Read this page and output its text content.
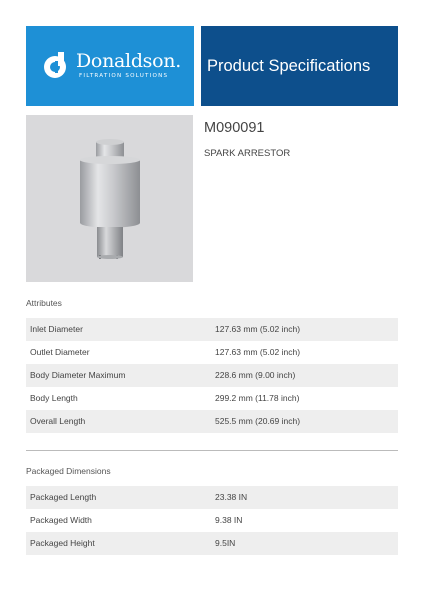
Donaldson.
FILTRATION SOLUTIONS
Product Specifications
M090091
SPARK ARRESTOR
Attributes
Inlet Diameter	127.63 mm (5.02 inch)
Outlet Diameter	127.63 mm (5.02 inch)
Body Diameter Maximum	228.6 mm (9.00 inch)
Body Length	299.2 mm (11.78 inch)
Overall Length	525.5 mm (20.69 inch)
Packaged Dimensions
Packaged Length	23.38 IN
Packaged Width	9.38 IN
Packaged Height	9.5IN
